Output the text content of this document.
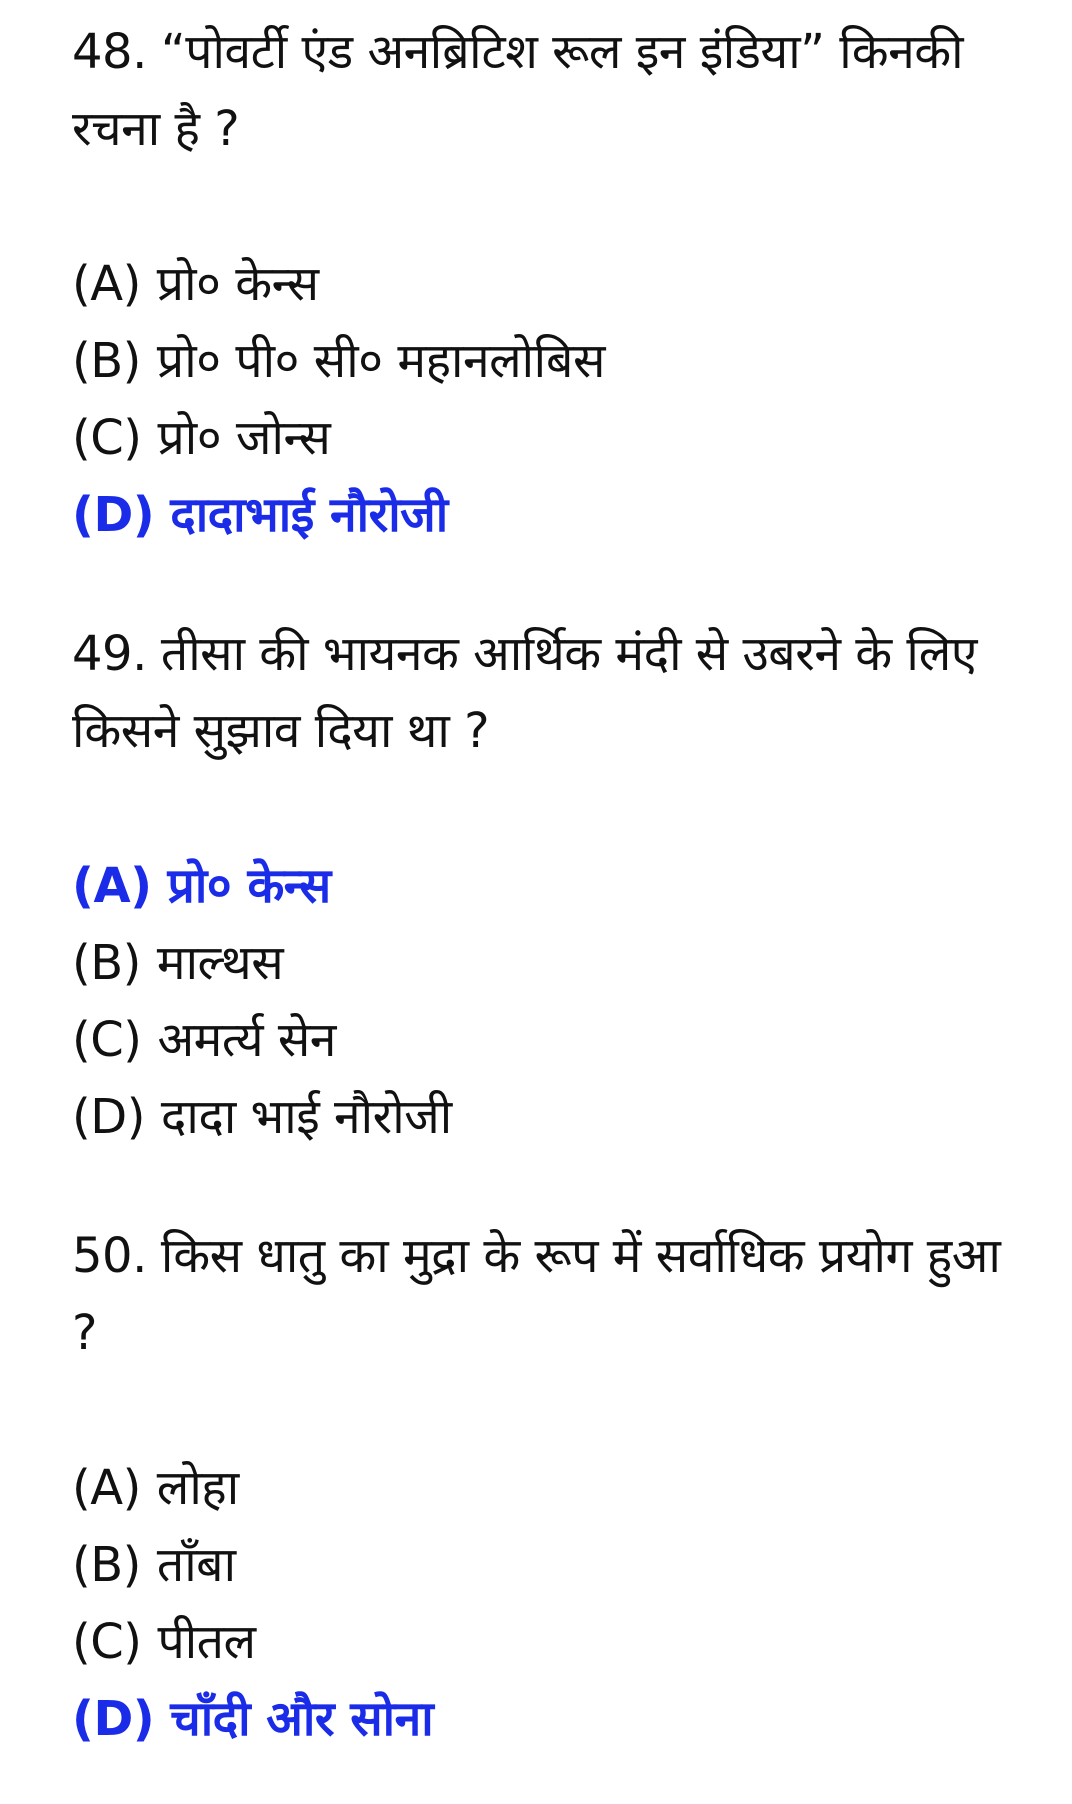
48. “पोवर्टी एंड अनब्रिटिश रूल इन इंडिया” किनकी रचना है ?

(A) प्रो० केन्स

(B) प्रो० पी० सी० महानलोबिस

(C) प्रो० जोन्स

(D) दादाभाई नौरोजी

49. तीसा की भायनक आर्थिक मंदी से उबरने के लिए किसने सुझाव दिया था ?

(A) प्रो० केन्स

(B) माल्थस

(C) अमर्त्य सेन

(D) दादा भाई नौरोजी

50. किस धातु का मुद्रा के रूप में सर्वाधिक प्रयोग हुआ ?

(A) लोहा

(B) ताँबा

(C) पीतल

(D) चाँदी और सोना
